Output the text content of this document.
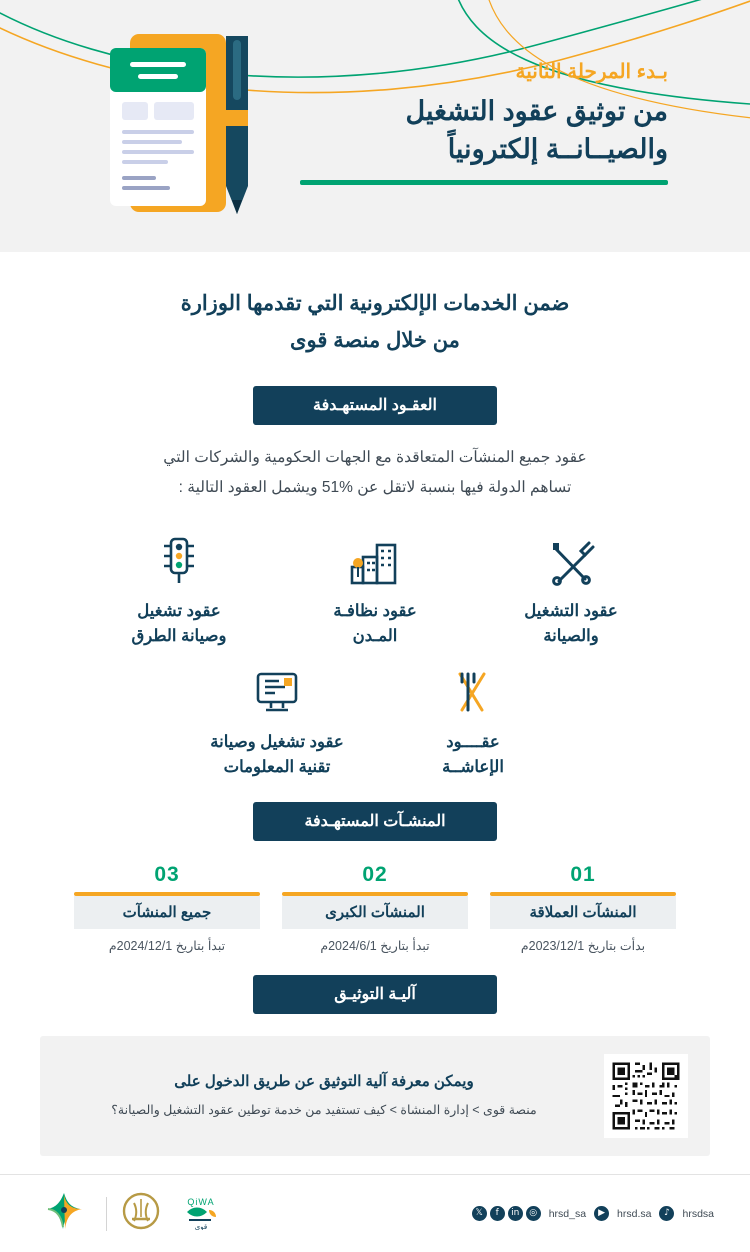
بـدء المرحلة الثانية
من توثيق عقود التشغيل
والصيــانــة إلكترونياً
ضمن الخدمات الإلكترونية التي تقدمها الوزارة
من خلال منصة قوى
العقـود المستهـدفة
عقود جميع المنشآت المتعاقدة مع الجهات الحكومية والشركات التي
تساهم الدولة فيها بنسبة لاتقل عن 51% ويشمل العقود التالية :
عقود التشغيل
والصيانة
عقود نظافـة
المـدن
عقود تشغيل
وصيانة الطرق
عقــــود
الإعاشــة
عقود تشغيل وصيانة
تقنية المعلومات
المنشـآت المستهـدفة
01
المنشآت العملاقة
بدأت بتاريخ 2023/12/1م
02
المنشآت الكبرى
تبدأ بتاريخ 2024/6/1م
03
جميع المنشآت
تبدأ بتاريخ 2024/12/1م
آليـة التوثيـق
ويمكن معرفة آلية التوثيق عن طريق الدخول على
منصة قوى > إدارة المنشاة > كيف تستفيد من خدمة توطين عقود التشغيل والصيانة؟
𝕏	f	in	◎	hrsd_sa	▶	hrsd.sa	♪	hrsdsa
QiWA
قوى
